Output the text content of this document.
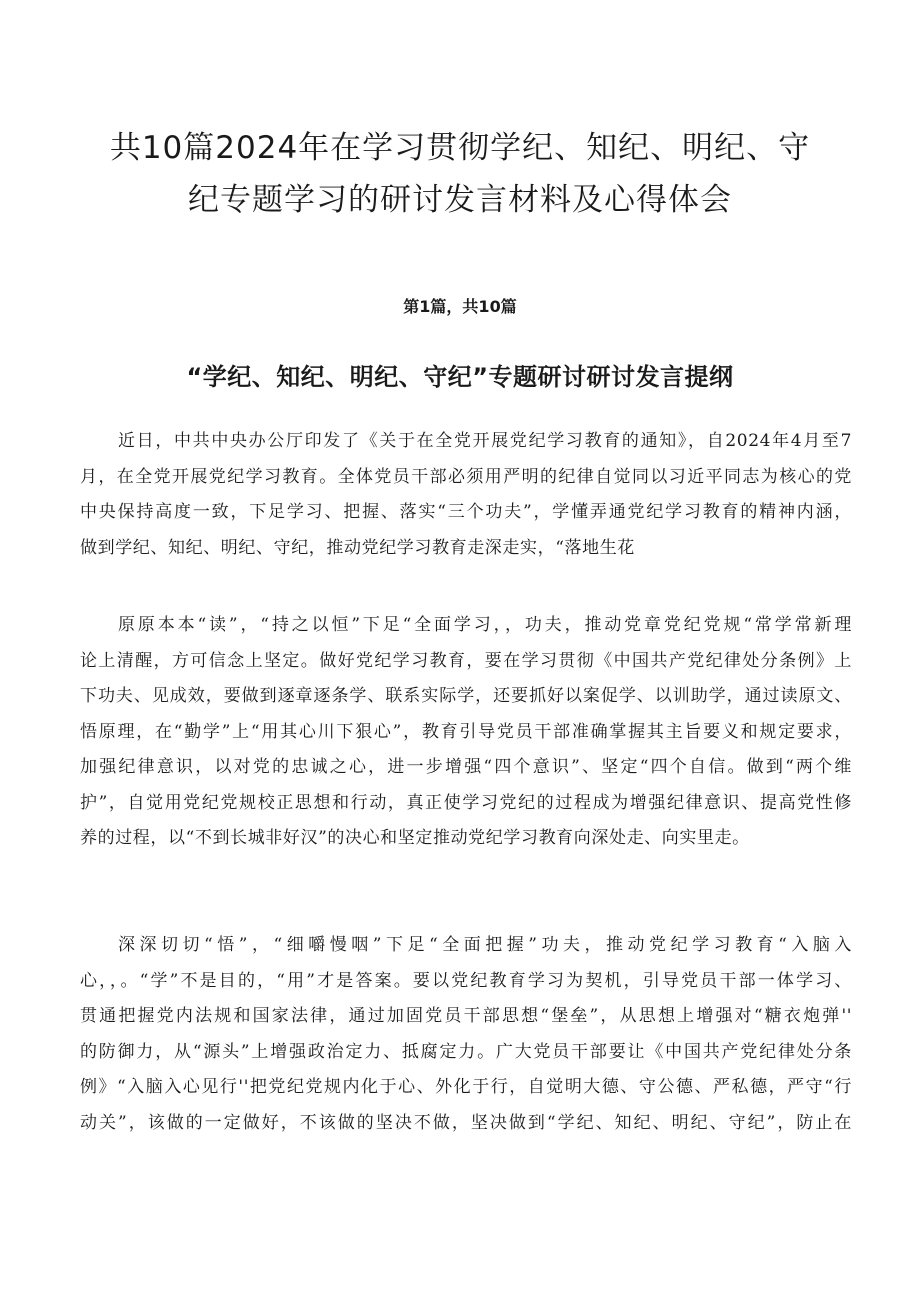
共10篇2024年在学习贯彻学纪、知纪、明纪、守
纪专题学习的研讨发言材料及心得体会
第1篇，共10篇
“学纪、知纪、明纪、守纪”专题研讨研讨发言提纲
近日，中共中央办公厅印发了《关于在全党开展党纪学习教育的通知》，自2024年4月至7
月，在全党开展党纪学习教育。全体党员干部必须用严明的纪律自觉同以习近平同志为核心的党
中央保持高度一致，下足学习、把握、落实“三个功夫”，学懂弄通党纪学习教育的精神内涵，
做到学纪、知纪、明纪、守纪，推动党纪学习教育走深走实，“落地生花
原原本本“读”，“持之以恒”下足“全面学习，，功夫，推动党章党纪党规“常学常新理
论上清醒，方可信念上坚定。做好党纪学习教育，要在学习贯彻《中国共产党纪律处分条例》上
下功夫、见成效，要做到逐章逐条学、联系实际学，还要抓好以案促学、以训助学，通过读原文、
悟原理，在“勤学”上“用其心川下狠心”，教育引导党员干部准确掌握其主旨要义和规定要求，
加强纪律意识，以对党的忠诚之心，进一步增强“四个意识”、坚定“四个自信。做到“两个维
护”，自觉用党纪党规校正思想和行动，真正使学习党纪的过程成为增强纪律意识、提高党性修
养的过程，以“不到长城非好汉”的决心和坚定推动党纪学习教育向深处走、向实里走。
深深切切“悟”，“细嚼慢咽”下足“全面把握”功夫，推动党纪学习教育“入脑入
心，，。“学”不是目的，“用”才是答案。要以党纪教育学习为契机，引导党员干部一体学习、
贯通把握党内法规和国家法律，通过加固党员干部思想“堡垒”，从思想上增强对“糖衣炮弹''
的防御力，从“源头”上增强政治定力、抵腐定力。广大党员干部要让《中国共产党纪律处分条
例》“入脑入心见行''把党纪党规内化于心、外化于行，自觉明大德、守公德、严私德，严守“行
动关”，该做的一定做好，不该做的坚决不做，坚决做到“学纪、知纪、明纪、守纪”，防止在
